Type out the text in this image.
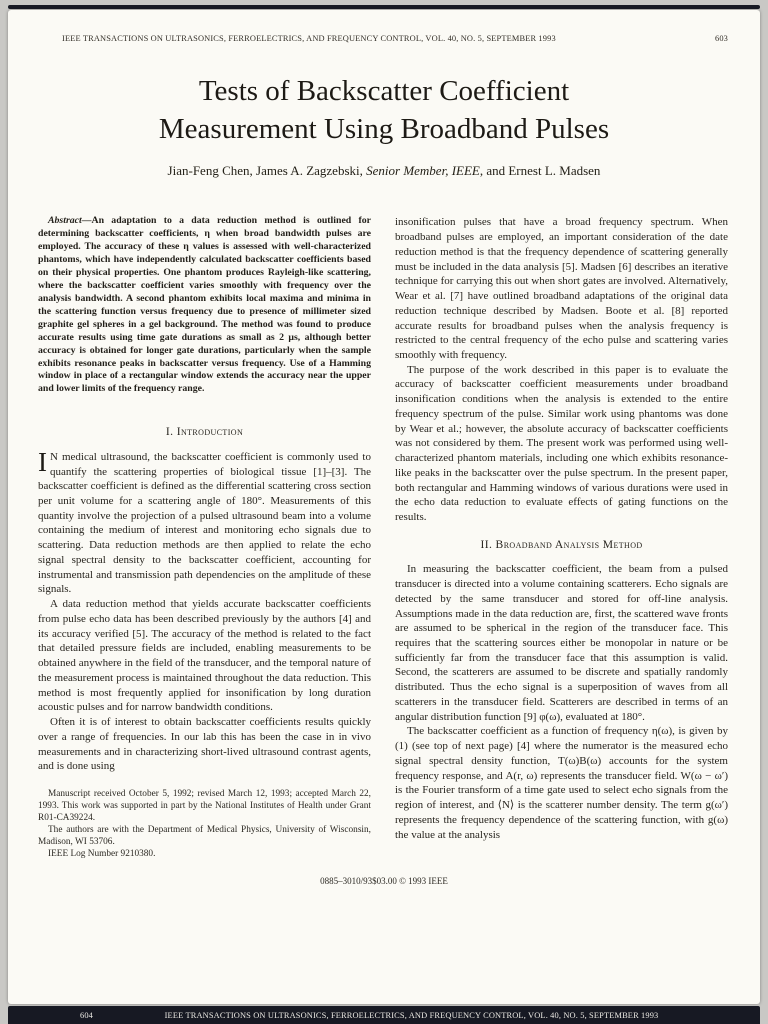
IEEE TRANSACTIONS ON ULTRASONICS, FERROELECTRICS, AND FREQUENCY CONTROL, VOL. 40, NO. 5, SEPTEMBER 1993	603
Tests of Backscatter Coefficient
Measurement Using Broadband Pulses
Jian-Feng Chen, James A. Zagzebski, Senior Member, IEEE, and Ernest L. Madsen

Abstract—An adaptation to a data reduction method is outlined for determining backscatter coefficients, η when broad bandwidth pulses are employed. The accuracy of these η values is assessed with well-characterized phantoms, which have independently calculated backscatter coefficients based on their physical properties. One phantom produces Rayleigh-like scattering, where the backscatter coefficient varies smoothly with frequency over the analysis bandwidth. A second phantom exhibits local maxima and minima in the scattering function versus frequency due to presence of millimeter sized graphite gel spheres in a gel background. The method was found to produce accurate results using time gate durations as small as 2 μs, although better accuracy is obtained for longer gate durations, particularly when the sample exhibits resonance peaks in backscatter versus frequency. Use of a Hamming window in place of a rectangular window extends the accuracy near the upper and lower limits of the frequency range.

I. Introduction

I N medical ultrasound, the backscatter coefficient is commonly used to quantify the scattering properties of biological tissue [1]–[3]. The backscatter coefficient is defined as the differential scattering cross section per unit volume for a scattering angle of 180°. Measurements of this quantity involve the projection of a pulsed ultrasound beam into a volume containing the medium of interest and monitoring echo signals due to scattering. Data reduction methods are then applied to relate the echo signal spectral density to the backscatter coefficient, accounting for instrumental and transmission path dependencies on the amplitude of these signals.

A data reduction method that yields accurate backscatter coefficients from pulse echo data has been described previously by the authors [4] and its accuracy verified [5]. The accuracy of the method is related to the fact that detailed pressure fields are included, enabling measurements to be obtained anywhere in the field of the transducer, and the temporal nature of the measurement process is maintained throughout the data reduction. This method is most frequently applied for insonification by long duration acoustic pulses and for narrow bandwidth conditions.

Often it is of interest to obtain backscatter coefficients results quickly over a range of frequencies. In our lab this has been the case in in vivo measurements and in characterizing short-lived ultrasound contrast agents, and is done using

Manuscript received October 5, 1992; revised March 12, 1993; accepted March 22, 1993. This work was supported in part by the National Institutes of Health under Grant R01-CA39224.

The authors are with the Department of Medical Physics, University of Wisconsin, Madison, WI 53706.

IEEE Log Number 9210380.

insonification pulses that have a broad frequency spectrum. When broadband pulses are employed, an important consideration of the date reduction method is that the frequency dependence of scattering generally must be included in the data analysis [5]. Madsen [6] describes an iterative technique for carrying this out when short gates are involved. Alternatively, Wear et al. [7] have outlined broadband adaptations of the original data reduction technique described by Madsen. Boote et al. [8] reported accurate results for broadband pulses when the analysis frequency is restricted to the central frequency of the echo pulse and scattering varies smoothly with frequency.

The purpose of the work described in this paper is to evaluate the accuracy of backscatter coefficient measurements under broadband insonification conditions when the analysis is extended to the entire frequency spectrum of the pulse. Similar work using phantoms was done by Wear et al.; however, the absolute accuracy of backscatter coefficients was not considered by them. The present work was performed using well-characterized phantom materials, including one which exhibits resonance-like peaks in the backscatter over the pulse spectrum. In the present paper, both rectangular and Hamming windows of various durations were used in the echo data reduction to evaluate effects of gating functions on the results.

II. Broadband Analysis Method

In measuring the backscatter coefficient, the beam from a pulsed transducer is directed into a volume containing scatterers. Echo signals are detected by the same transducer and stored for off-line analysis. Assumptions made in the data reduction are, first, the scattered wave fronts are assumed to be spherical in the region of the transducer face. This requires that the scattering sources either be monopolar in nature or be sufficiently far from the transducer face that this assumption is valid. Second, the scatterers are assumed to be discrete and spatially randomly distributed. Thus the echo signal is a superposition of waves from all scatterers in the transducer field. Scatterers are described in terms of an angular distribution function [9] φ(ω), evaluated at 180°.

The backscatter coefficient as a function of frequency η(ω), is given by (1) (see top of next page) [4] where the numerator is the measured echo signal spectral density function, T(ω)B(ω) accounts for the system frequency response, and A(r, ω) represents the transducer field. W(ω − ω′) is the Fourier transform of a time gate used to select echo signals from the region of interest, and ⟨N⟩ is the scatterer number density. The term g(ω′) represents the frequency dependence of the scattering function, with g(ω) the value at the analysis

0885–3010/93$03.00 © 1993 IEEE
604	IEEE TRANSACTIONS ON ULTRASONICS, FERROELECTRICS, AND FREQUENCY CONTROL, VOL. 40, NO. 5, SEPTEMBER 1993
